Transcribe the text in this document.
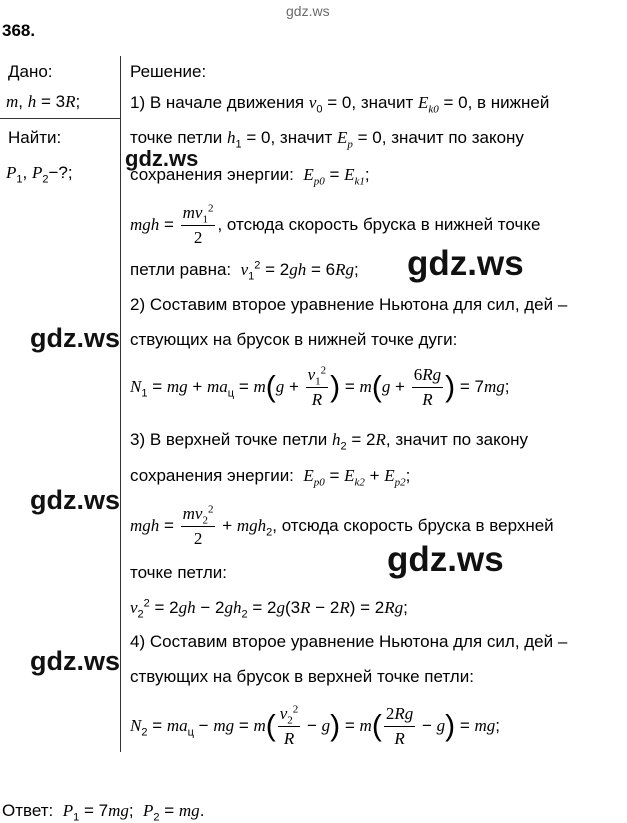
gdz.ws
gdz.ws
gdz.ws
gdz.ws
gdz.ws
gdz.ws
gdz.ws
368.
Дано:
m, h = 3R;
Найти:
$P_1$, $P_2-$?;
Решение:
1) В начале движения $v_0 = 0$, значит $E_{k0} = 0$, в нижней
точке петли $h_1 = 0$, значит $E_p = 0$, значит по закону
сохранения энергии:  $E_{p0} = E_{k1}$;
mgh = $\frac{mv_1^2}{2}$ , отсюда скорость бруска в нижней точке
петли равна:  $v_1^2 = 2gh = 6Rg$;
2) Составим второе уравнение Ньютона для сил, дей –
ствующих на брусок в нижней точке дуги:
$N_1$ = mg + $ma_ц = m(g + \frac{v_1^2}{R}$ ) = $m(g + \frac{6Rg}{R}$ ) = 7mg;
3) В верхней точке петли $h_2 = 2R$, значит по закону
сохранения энергии:  $E_{p0} = E_{k2} + E_{p2}$;
mgh = $\frac{mv_2^2}{2} + mgh_2$, отсюда скорость бруска в верхней
точке петли:
$v_2^2 = 2gh - 2gh_2 = 2g(3R - 2R) = 2Rg$;
4) Составим второе уравнение Ньютона для сил, дей –
ствующих на брусок в верхней точке петли:
$N_2 = ma_ц$ − mg = $m( \frac{v_2^2}{R} - g) = m( \frac{2Rg}{R} - g)$ = mg;
Ответ:  $P_1 = 7mg$;  $P_2$ = mg.
